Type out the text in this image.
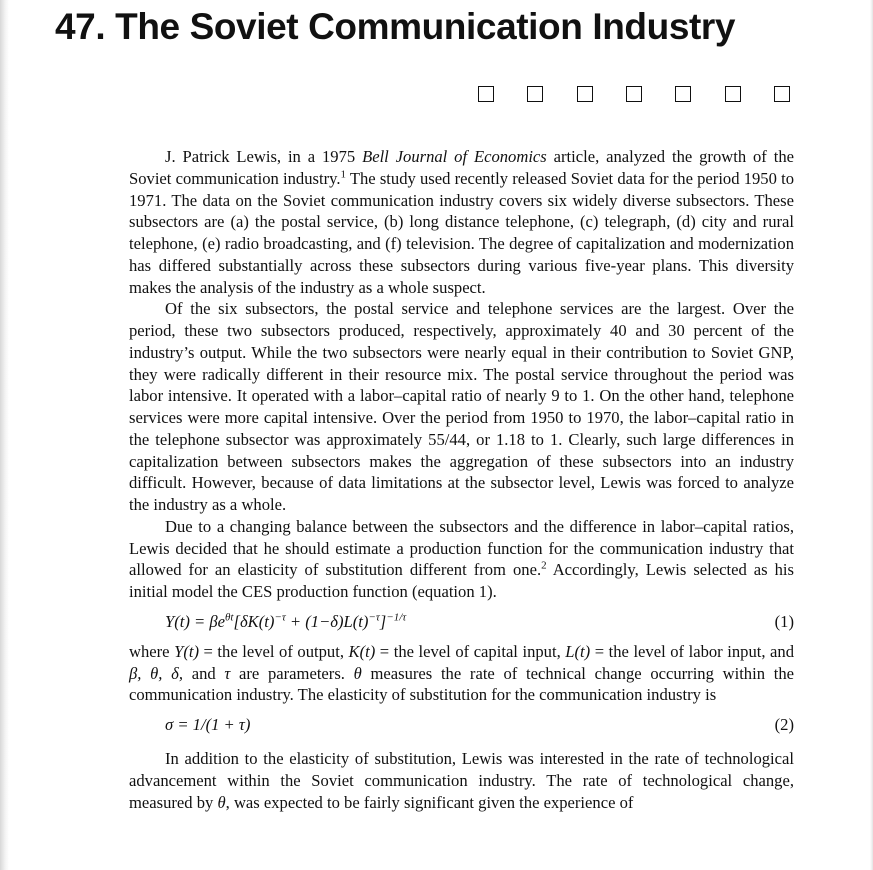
47. The Soviet Communication Industry

J. Patrick Lewis, in a 1975 Bell Journal of Economics article, analyzed the growth of the Soviet communication industry.$^1$ The study used recently released Soviet data for the period 1950 to 1971. The data on the Soviet communication industry covers six widely diverse subsectors. These subsectors are (a) the postal service, (b) long distance telephone, (c) telegraph, (d) city and rural telephone, (e) radio broadcasting, and (f) television. The degree of capitalization and modernization has differed substantially across these subsectors during various five-year plans. This diversity makes the analysis of the industry as a whole suspect.

Of the six subsectors, the postal service and telephone services are the largest. Over the period, these two subsectors produced, respectively, approximately 40 and 30 percent of the industry’s output. While the two subsectors were nearly equal in their contribution to Soviet GNP, they were radically different in their resource mix. The postal service throughout the period was labor intensive. It operated with a labor–capital ratio of nearly 9 to 1. On the other hand, telephone services were more capital intensive. Over the period from 1950 to 1970, the labor–capital ratio in the telephone subsector was approximately 55/44, or 1.18 to 1. Clearly, such large differences in capitalization between subsectors makes the aggregation of these subsectors into an industry difficult. However, because of data limitations at the subsector level, Lewis was forced to analyze the industry as a whole.

Due to a changing balance between the subsectors and the difference in labor–capital ratios, Lewis decided that he should estimate a production function for the communication industry that allowed for an elasticity of substitution different from one.$^2$ Accordingly, Lewis selected as his initial model the CES production function (equation 1).

$Y(t) = \beta e^{\theta t}[\delta K(t)^{-\tau} + (1-\delta)L(t)^{-\tau}]^{-1/\tau}$	(1)

where Y(t) = the level of output, K(t) = the level of capital input, L(t) = the level of labor input, and β, θ, δ, and τ are parameters. θ measures the rate of technical change occurring within the communication industry. The elasticity of substitution for the communication industry is

σ = 1/(1 + τ)	(2)

In addition to the elasticity of substitution, Lewis was interested in the rate of technological advancement within the Soviet communication industry. The rate of technological change, measured by θ, was expected to be fairly significant given the experience of
